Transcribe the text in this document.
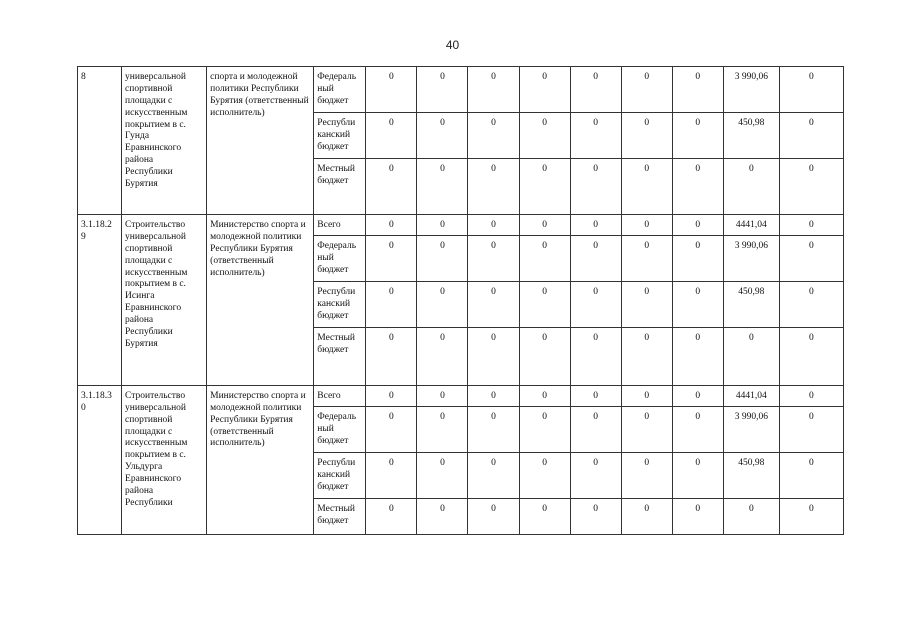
40
8	универсальной спортивной площадки с искусственным покрытием в с. Гунда Еравнинского района Республики Бурятия	спорта и молодежной политики Республики Бурятия (ответственный исполнитель)	Федераль ный бюджет	0	0	0	0	0	0	0	3 990,06	0
			Республи канский бюджет	0	0	0	0	0	0	0	450,98	0
			Местный бюджет	0	0	0	0	0	0	0	0	0
3.1.18.2 9	Строительство универсальной спортивной площадки с искусственным покрытием в с. Исинга Еравнинского района Республики Бурятия	Министерство спорта и молодежной политики Республики Бурятия (ответственный исполнитель)	Всего	0	0	0	0	0	0	0	4441,04	0
			Федераль ный бюджет	0	0	0	0	0	0	0	3 990,06	0
			Республи канский бюджет	0	0	0	0	0	0	0	450,98	0
			Местный бюджет	0	0	0	0	0	0	0	0	0
3.1.18.3 0	Строительство универсальной спортивной площадки с искусственным покрытием в с. Ульдурга Еравнинского района Республики	Министерство спорта и молодежной политики Республики Бурятия (ответственный исполнитель)	Всего	0	0	0	0	0	0	0	4441,04	0
			Федераль ный бюджет	0	0	0	0	0	0	0	3 990,06	0
			Республи канский бюджет	0	0	0	0	0	0	0	450,98	0
			Местный бюджет	0	0	0	0	0	0	0	0	0
